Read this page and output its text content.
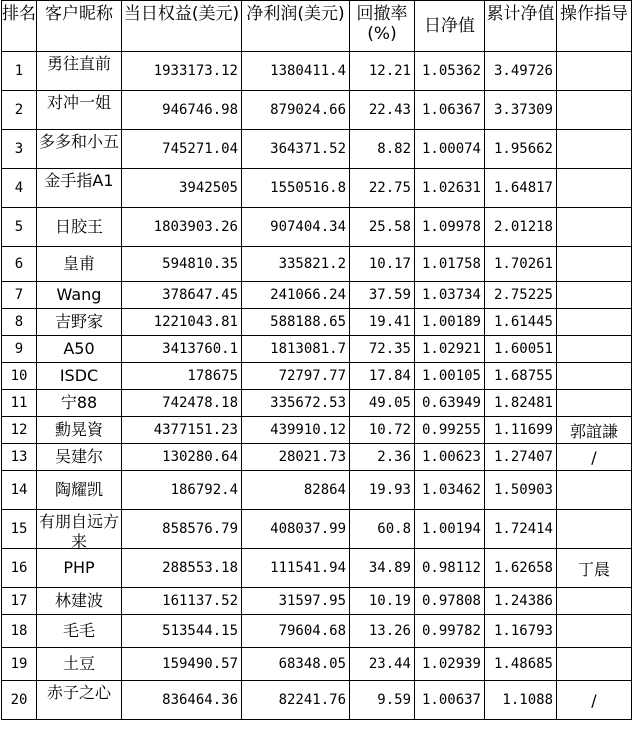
排名	客户昵称	当日权益(美元)	净利润(美元)	回撤率(%)	日净值	累计净值	操作指导
1	勇往直前	1933173.12	1380411.4	12.21	1.05362	3.49726	
2	对冲一姐	946746.98	879024.66	22.43	1.06367	3.37309	
3	多多和小五	745271.04	364371.52	8.82	1.00074	1.95662	
4	金手指A1	3942505	1550516.8	22.75	1.02631	1.64817	
5	日胶王	1803903.26	907404.34	25.58	1.09978	2.01218	
6	皇甫	594810.35	335821.2	10.17	1.01758	1.70261	
7	Wang	378647.45	241066.24	37.59	1.03734	2.75225	
8	吉野家	1221043.81	588188.65	19.41	1.00189	1.61445	
9	A50	3413760.1	1813081.7	72.35	1.02921	1.60051	
10	ISDC	178675	72797.77	17.84	1.00105	1.68755	
11	宁88	742478.18	335672.53	49.05	0.63949	1.82481	
12	勳晃資	4377151.23	439910.12	10.72	0.99255	1.11699	郭誼謙
13	吴建尔	130280.64	28021.73	2.36	1.00623	1.27407	/
14	陶耀凯	186792.4	82864	19.93	1.03462	1.50903	
15	有朋自远方来	858576.79	408037.99	60.8	1.00194	1.72414	
16	PHP	288553.18	111541.94	34.89	0.98112	1.62658	丁晨
17	林建波	161137.52	31597.95	10.19	0.97808	1.24386	
18	毛毛	513544.15	79604.68	13.26	0.99782	1.16793	
19	土豆	159490.57	68348.05	23.44	1.02939	1.48685	
20	赤子之心	836464.36	82241.76	9.59	1.00637	1.1088	/
